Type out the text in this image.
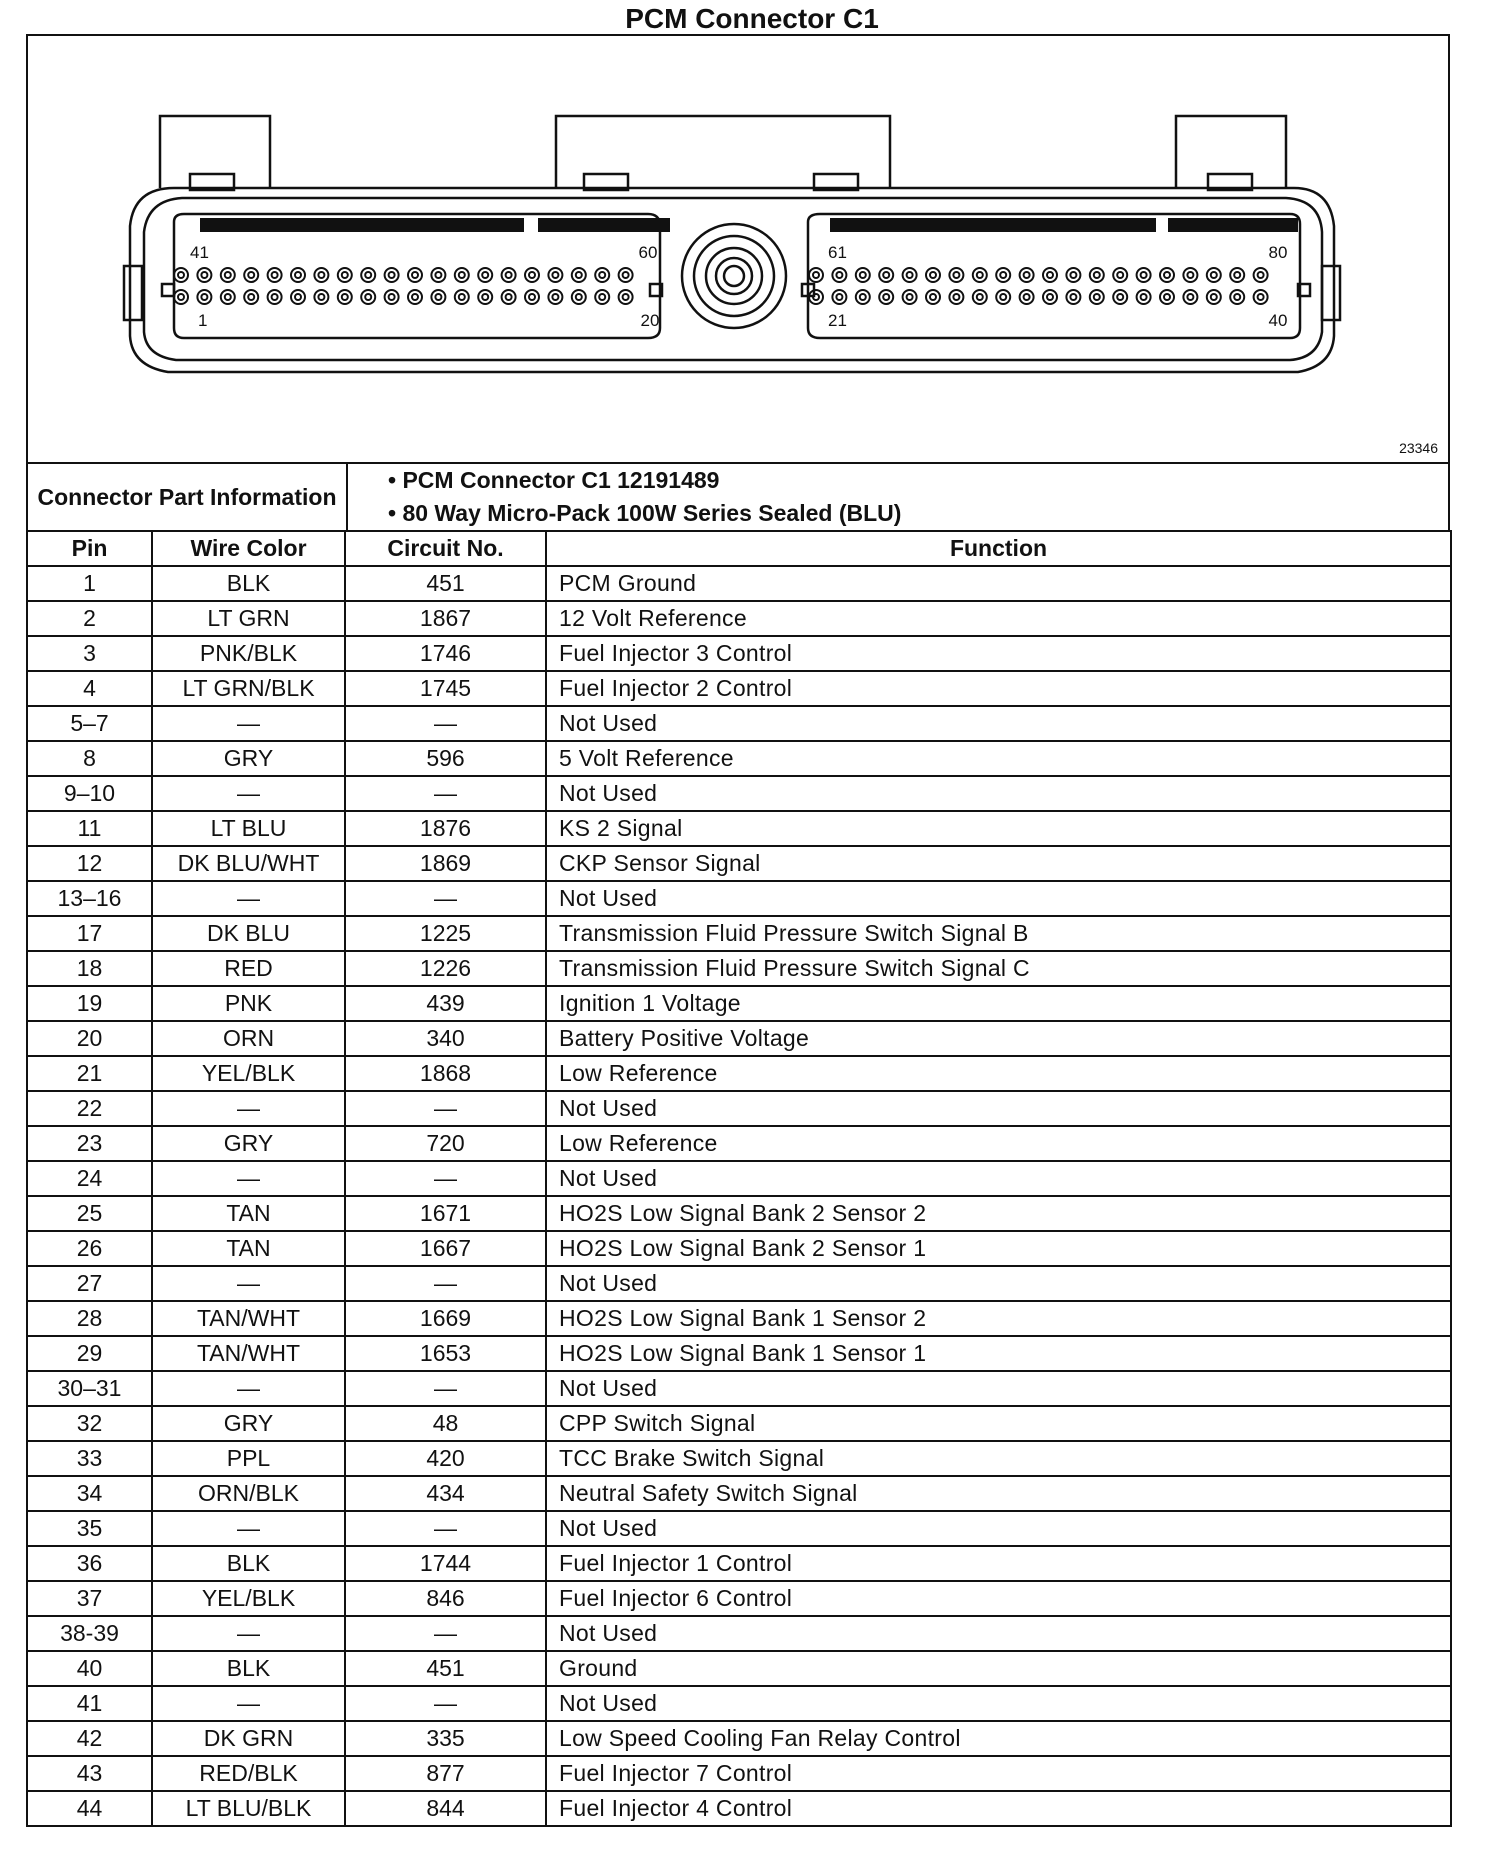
PCM Connector C1
41	60
1	20
61	80
21	40
23346
Connector Part Information	
• PCM Connector C1 12191489
• 80 Way Micro-Pack 100W Series Sealed (BLU)
Pin	Wire Color	Circuit No.	Function
1	BLK	451	PCM Ground
2	LT GRN	1867	12 Volt Reference
3	PNK/BLK	1746	Fuel Injector 3 Control
4	LT GRN/BLK	1745	Fuel Injector 2 Control
5–7	—	—	Not Used
8	GRY	596	5 Volt Reference
9–10	—	—	Not Used
11	LT BLU	1876	KS 2 Signal
12	DK BLU/WHT	1869	CKP Sensor Signal
13–16	—	—	Not Used
17	DK BLU	1225	Transmission Fluid Pressure Switch Signal B
18	RED	1226	Transmission Fluid Pressure Switch Signal C
19	PNK	439	Ignition 1 Voltage
20	ORN	340	Battery Positive Voltage
21	YEL/BLK	1868	Low Reference
22	—	—	Not Used
23	GRY	720	Low Reference
24	—	—	Not Used
25	TAN	1671	HO2S Low Signal Bank 2 Sensor 2
26	TAN	1667	HO2S Low Signal Bank 2 Sensor 1
27	—	—	Not Used
28	TAN/WHT	1669	HO2S Low Signal Bank 1 Sensor 2
29	TAN/WHT	1653	HO2S Low Signal Bank 1 Sensor 1
30–31	—	—	Not Used
32	GRY	48	CPP Switch Signal
33	PPL	420	TCC Brake Switch Signal
34	ORN/BLK	434	Neutral Safety Switch Signal
35	—	—	Not Used
36	BLK	1744	Fuel Injector 1 Control
37	YEL/BLK	846	Fuel Injector 6 Control
38-39	—	—	Not Used
40	BLK	451	Ground
41	—	—	Not Used
42	DK GRN	335	Low Speed Cooling Fan Relay Control
43	RED/BLK	877	Fuel Injector 7 Control
44	LT BLU/BLK	844	Fuel Injector 4 Control
